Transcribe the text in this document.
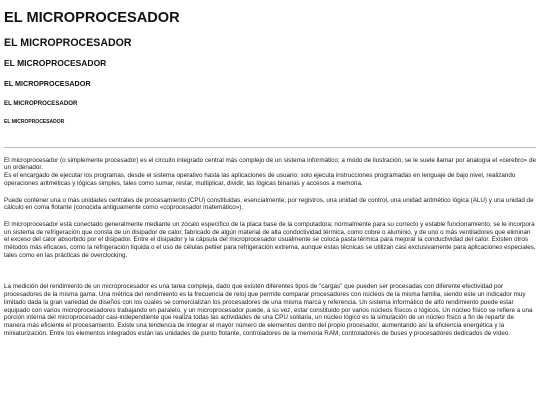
EL MICROPROCESADOR
EL MICROPROCESADOR
EL MICROPROCESADOR
EL MICROPROCESADOR
EL MICROPROCESADOR
EL MICROPROCESADOR

El microprocesador (o simplemente procesador) es el circuito integrado central más complejo de un sistema informático; a modo de ilustración, se le suele llamar por analogía el «cerebro» de un ordenador.
Es el encargado de ejecutar los programas, desde el sistema operativo hasta las aplicaciones de usuario; solo ejecuta instrucciones programadas en lenguaje de bajo nivel, realizando operaciones aritméticas y lógicas simples, tales como sumar, restar, multiplicar, dividir, las lógicas binarias y accesos a memoria.

Puede contener una o más unidades centrales de procesamiento (CPU) constituidas, esencialmente, por registros, una unidad de control, una unidad aritmético lógica (ALU) y una unidad de cálculo en coma flotante (conocida antiguamente como «coprocesador matemático»).

El microprocesador está conectado generalmente mediante un zócalo específico de la placa base de la computadora; normalmente para su correcto y estable funcionamiento, se le incorpora un sistema de refrigeración que consta de un disipador de calor, fabricado de algún material de alta conductividad térmica, como cobre o aluminio, y de uno o más ventiladores que eliminan el exceso del calor absorbido por el disipador. Entre el disipador y la cápsula del microprocesador usualmente se coloca pasta térmica para mejorar la conductividad del calor. Existen otros métodos más eficaces, como la refrigeración líquida o el uso de células peltier para refrigeración extrema, aunque estas técnicas se utilizan casi exclusivamente para aplicaciones especiales, tales como en las prácticas de overclocking.

La medición del rendimiento de un microprocesador es una tarea compleja, dado que existen diferentes tipos de "cargas" que pueden ser procesadas con diferente efectividad por procesadores de la misma gama. Una métrica del rendimiento es la frecuencia de reloj que permite comparar procesadores con núcleos de la misma familia, siendo este un indicador muy limitado dada la gran variedad de diseños con los cuales se comercializan los procesadores de una misma marca y referencia. Un sistema informático de alto rendimiento puede estar equipado con varios microprocesadores trabajando en paralelo, y un microprocesador puede, a su vez, estar constituido por varios núcleos físicos o lógicos. Un núcleo físico se refiere a una porción interna del microprocesador casi-independiente que realiza todas las actividades de una CPU solitaria, un núcleo lógico es la simulación de un núcleo físico a fin de repartir de manera más eficiente el procesamiento. Existe una tendencia de integrar el mayor número de elementos dentro del propio procesador, aumentando así la eficiencia energética y la miniaturización. Entre los elementos integrados están las unidades de punto flotante, controladores de la memoria RAM, controladores de buses y procesadores dedicados de vídeo.
